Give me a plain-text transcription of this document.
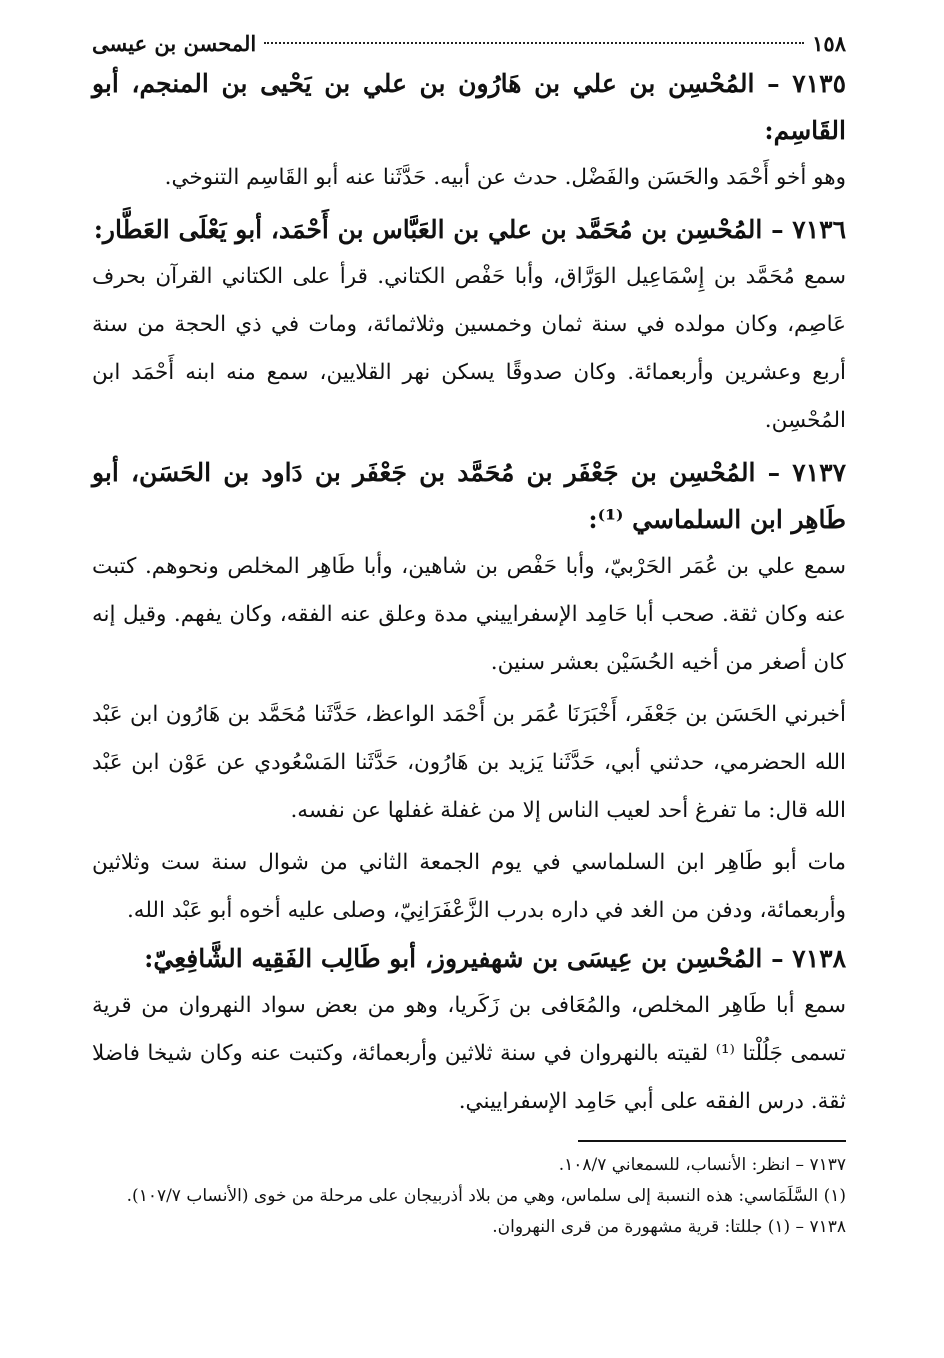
١٥٨
المحسن بن عيسى

٧١٣٥ – المُحْسِن بن علي بن هَارُون بن علي بن يَحْيى بن المنجم، أبو القَاسِم:

وهو أخو أَحْمَد والحَسَن والفَضْل. حدث عن أبيه. حَدَّثَنا عنه أبو القَاسِم التنوخي.

٧١٣٦ – المُحْسِن بن مُحَمَّد بن علي بن العَبَّاس بن أَحْمَد، أبو يَعْلَى العَطَّار:

سمع مُحَمَّد بن إِسْمَاعِيل الوَرَّاق، وأبا حَفْص الكتاني. قرأ على الكتاني القرآن بحرف عَاصِم، وكان مولده في سنة ثمان وخمسين وثلاثمائة، ومات في ذي الحجة من سنة أربع وعشرين وأربعمائة. وكان صدوقًا يسكن نهر القلايين، سمع منه ابنه أَحْمَد ابن المُحْسِن.

٧١٣٧ – المُحْسِن بن جَعْفَر بن مُحَمَّد بن جَعْفَر بن دَاود بن الحَسَن، أبو طَاهِر ابن السلماسي ⁽¹⁾:

سمع علي بن عُمَر الحَرْبيّ، وأبا حَفْص بن شاهين، وأبا طَاهِر المخلص ونحوهم. كتبت عنه وكان ثقة. صحب أبا حَامِد الإسفراييني مدة وعلق عنه الفقه، وكان يفهم. وقيل إنه كان أصغر من أخيه الحُسَيْن بعشر سنين.

أخبرني الحَسَن بن جَعْفَر، أَخْبَرَنَا عُمَر بن أَحْمَد الواعظ، حَدَّثَنا مُحَمَّد بن هَارُون ابن عَبْد الله الحضرمي، حدثني أبي، حَدَّثَنا يَزيد بن هَارُون، حَدَّثَنا المَسْعُودي عن عَوْن ابن عَبْد الله قال: ما تفرغ أحد لعيب الناس إلا من غفلة غفلها عن نفسه.

مات أبو طَاهِر ابن السلماسي في يوم الجمعة الثاني من شوال سنة ست وثلاثين وأربعمائة، ودفن من الغد في داره بدرب الزَّعْفَرَانِيّ، وصلى عليه أخوه أبو عَبْد الله.

٧١٣٨ – المُحْسِن بن عِيسَى بن شهفيروز، أبو طَالِب الفَقِيه الشَّافِعِيّ:

سمع أبا طَاهِر المخلص، والمُعَافى بن زَكَريا، وهو من بعض سواد النهروان من قرية تسمى جَلُلْتا ⁽¹⁾ لقيته بالنهروان في سنة ثلاثين وأربعمائة، وكتبت عنه وكان شيخا فاضلا ثقة. درس الفقه على أبي حَامِد الإسفراييني.

٧١٣٧ – انظر: الأنساب، للسمعاني ١٠٨/٧.

(١) السَّلَمَاسي: هذه النسبة إلى سلماس، وهي من بلاد أذربيجان على مرحلة من خوى (الأنساب ١٠٧/٧).

٧١٣٨ – (١) جللتا: قرية مشهورة من قرى النهروان.
